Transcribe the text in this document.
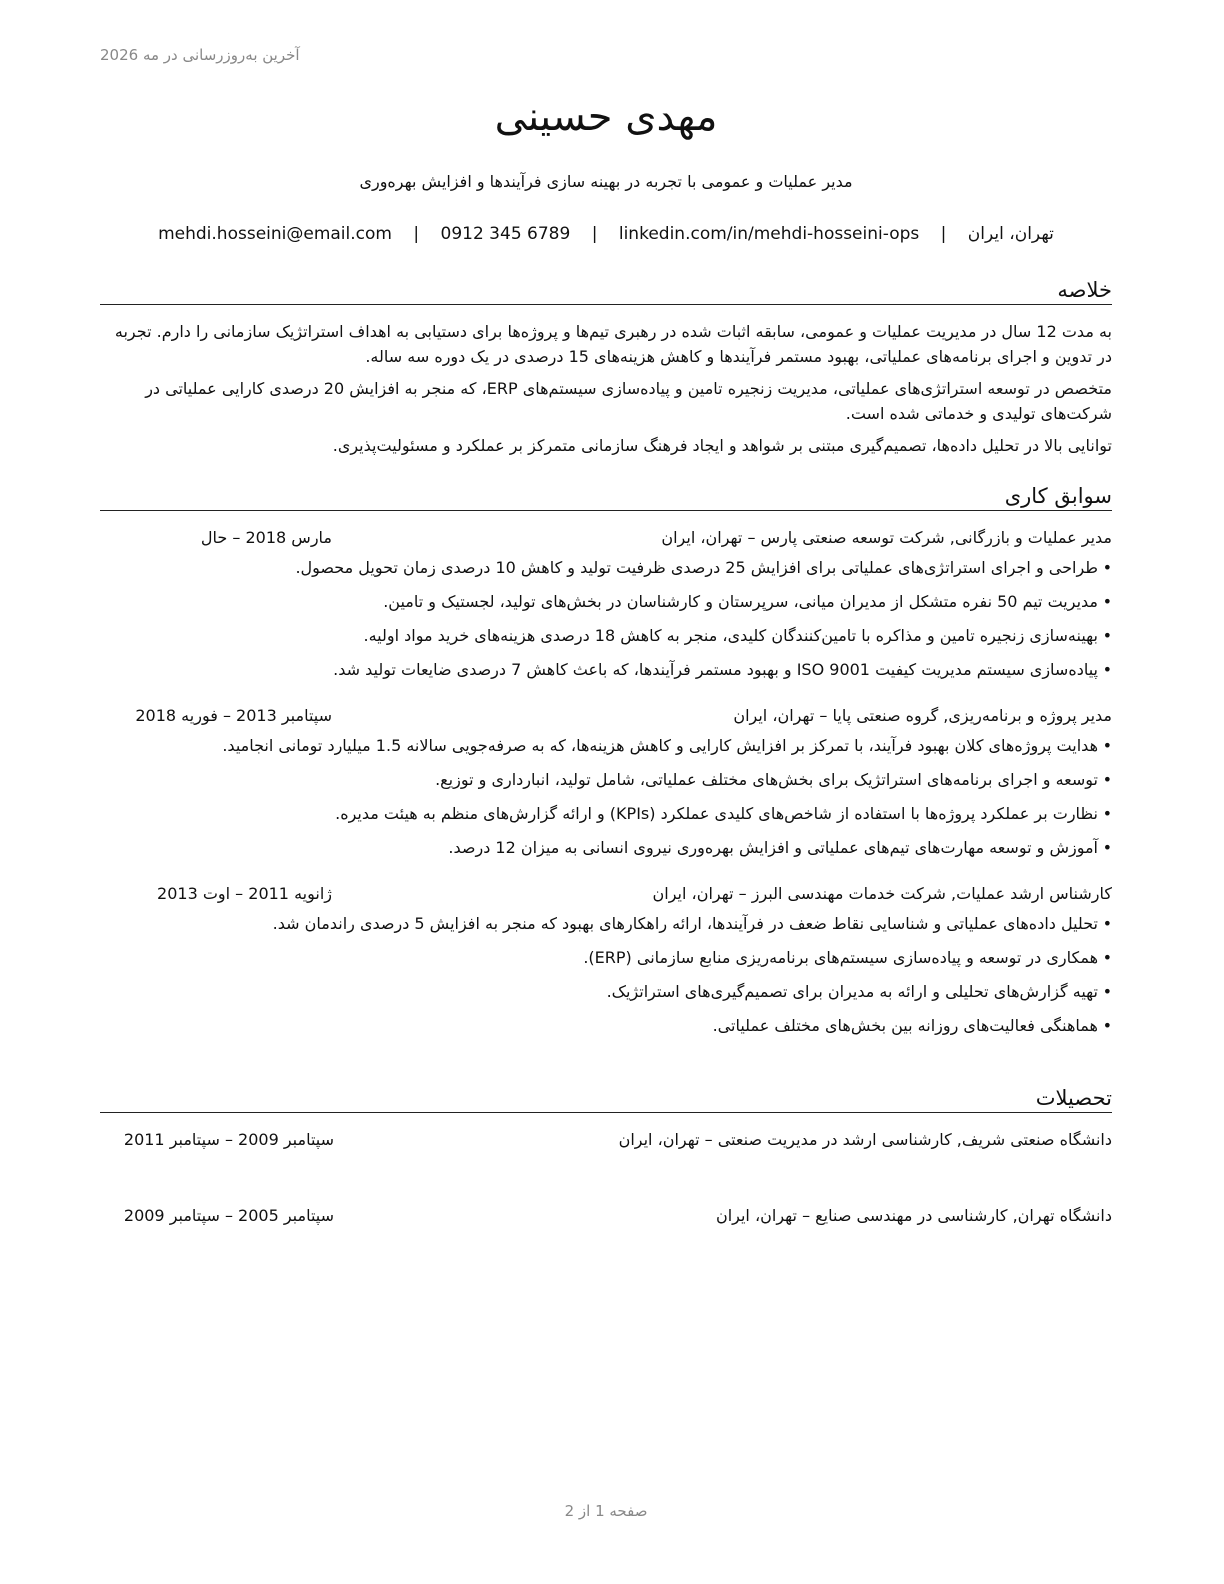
آخرین به‌روزرسانی در مه 2026
مهدی حسینی
مدیر عملیات و عمومی با تجربه در بهینه سازی فرآیندها و افزایش بهره‌وری
تهران، ایران | mehdi.hosseini@email.com | 0912 345 6789 | linkedin.com/in/mehdi-hosseini-ops
خلاصه

به مدت 12 سال در مدیریت عملیات و عمومی، سابقه اثبات شده در رهبری تیم‌ها و پروژه‌ها برای دستیابی به اهداف استراتژیک سازمانی را دارم. تجربه در تدوین و اجرای برنامه‌های عملیاتی، بهبود مستمر فرآیندها و کاهش هزینه‌های 15 درصدی در یک دوره سه ساله.

متخصص در توسعه استراتژی‌های عملیاتی، مدیریت زنجیره تامین و پیاده‌سازی سیستم‌های ERP، که منجر به افزایش 20 درصدی کارایی عملیاتی در شرکت‌های تولیدی و خدماتی شده است.

توانایی بالا در تحلیل داده‌ها، تصمیم‌گیری مبتنی بر شواهد و ایجاد فرهنگ سازمانی متمرکز بر عملکرد و مسئولیت‌پذیری.

سوابق کاری
مدیر عملیات و بازرگانی, شرکت توسعه صنعتی پارس – تهران، ایران
مارس 2018 – حال
•طراحی و اجرای استراتژی‌های عملیاتی برای افزایش 25 درصدی ظرفیت تولید و کاهش 10 درصدی زمان تحویل محصول.
•مدیریت تیم 50 نفره متشکل از مدیران میانی، سرپرستان و کارشناسان در بخش‌های تولید، لجستیک و تامین.
•بهینه‌سازی زنجیره تامین و مذاکره با تامین‌کنندگان کلیدی، منجر به کاهش 18 درصدی هزینه‌های خرید مواد اولیه.
•پیاده‌سازی سیستم مدیریت کیفیت ISO 9001 و بهبود مستمر فرآیندها، که باعث کاهش 7 درصدی ضایعات تولید شد.
مدیر پروژه و برنامه‌ریزی, گروه صنعتی پایا – تهران، ایران
سپتامبر 2013 – فوریه 2018
•هدایت پروژه‌های کلان بهبود فرآیند، با تمرکز بر افزایش کارایی و کاهش هزینه‌ها، که به صرفه‌جویی سالانه 1.5 میلیارد تومانی انجامید.
•توسعه و اجرای برنامه‌های استراتژیک برای بخش‌های مختلف عملیاتی، شامل تولید، انبارداری و توزیع.
•نظارت بر عملکرد پروژه‌ها با استفاده از شاخص‌های کلیدی عملکرد (KPIs) و ارائه گزارش‌های منظم به هیئت مدیره.
•آموزش و توسعه مهارت‌های تیم‌های عملیاتی و افزایش بهره‌وری نیروی انسانی به میزان 12 درصد.
کارشناس ارشد عملیات, شرکت خدمات مهندسی البرز – تهران، ایران
ژانویه 2011 – اوت 2013
•تحلیل داده‌های عملیاتی و شناسایی نقاط ضعف در فرآیندها، ارائه راهکارهای بهبود که منجر به افزایش 5 درصدی راندمان شد.
•همکاری در توسعه و پیاده‌سازی سیستم‌های برنامه‌ریزی منابع سازمانی (ERP).
•تهیه گزارش‌های تحلیلی و ارائه به مدیران برای تصمیم‌گیری‌های استراتژیک.
•هماهنگی فعالیت‌های روزانه بین بخش‌های مختلف عملیاتی.
تحصیلات
دانشگاه صنعتی شریف, کارشناسی ارشد در مدیریت صنعتی – تهران، ایران
سپتامبر 2009 – سپتامبر 2011
دانشگاه تهران, کارشناسی در مهندسی صنایع – تهران، ایران
سپتامبر 2005 – سپتامبر 2009
صفحه 1 از 2
